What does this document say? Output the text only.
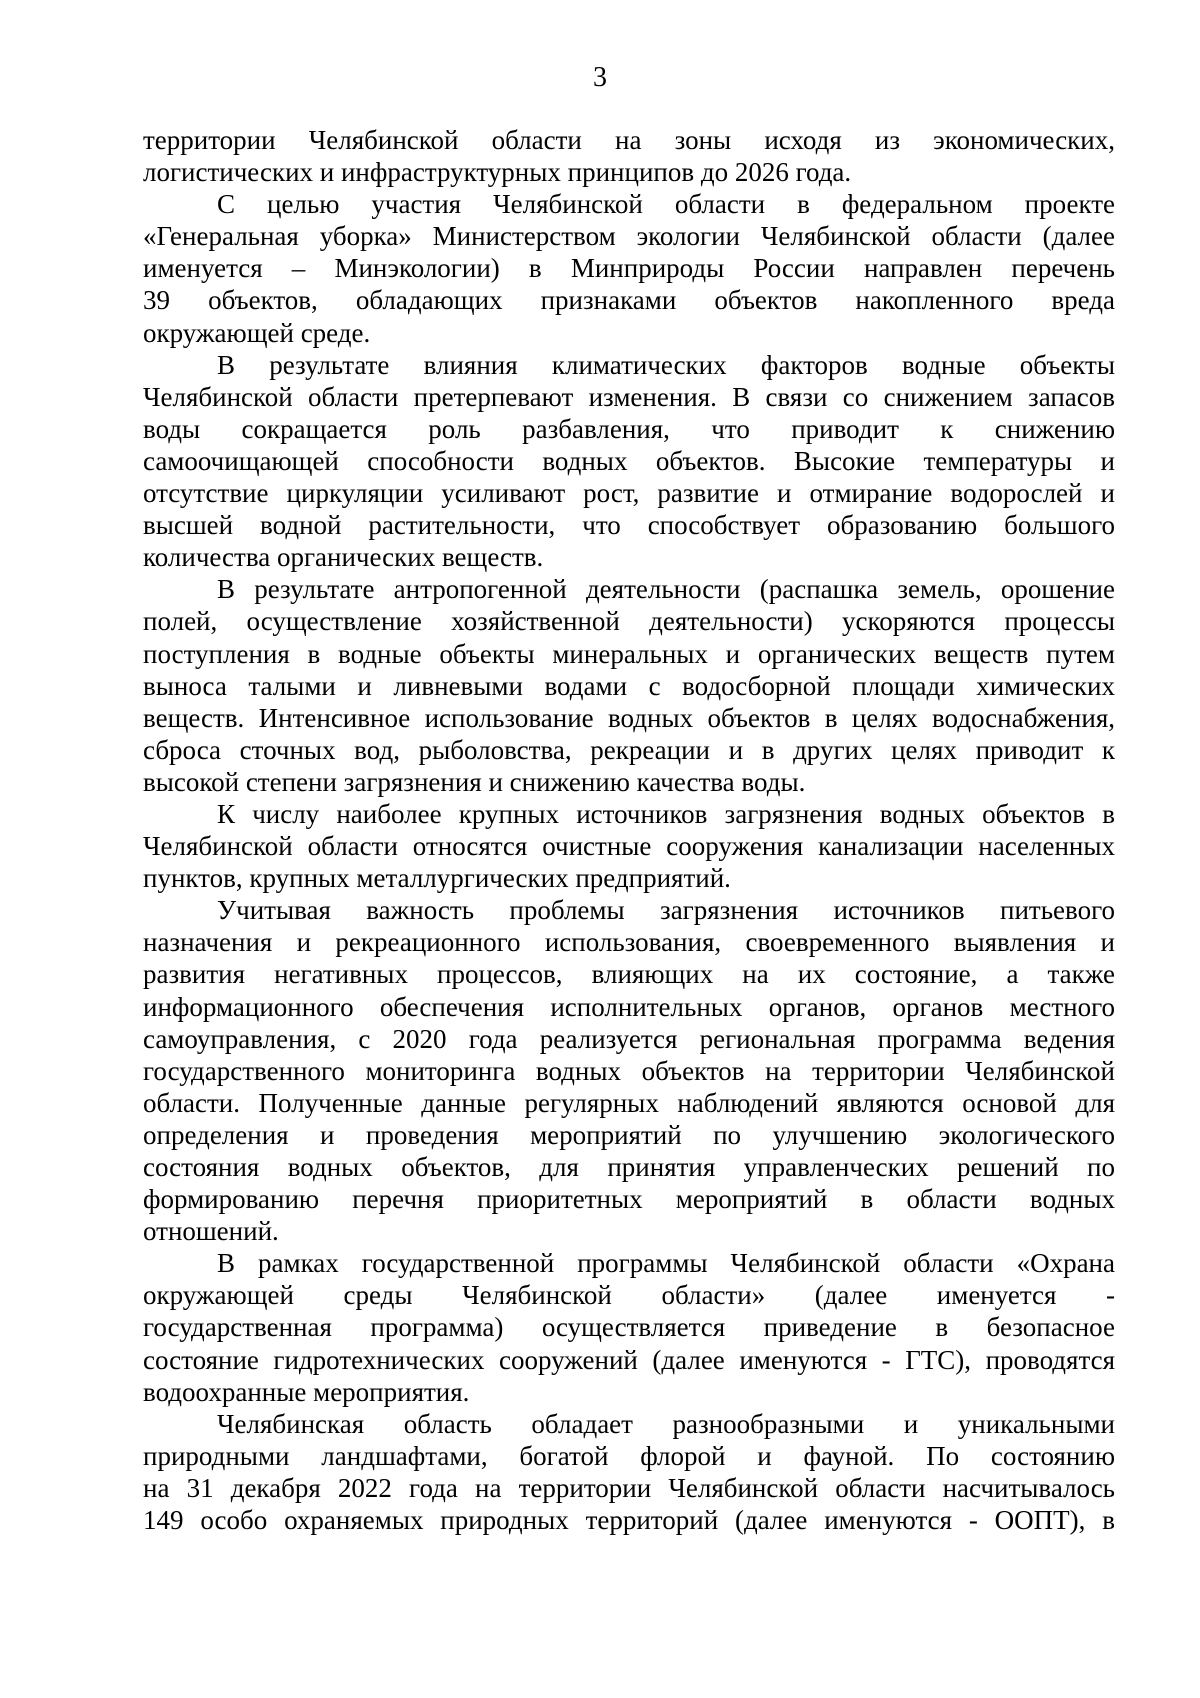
3
территории Челябинской области на зоны исходя из экономических,
логистических и инфраструктурных принципов до 2026 года.
С целью участия Челябинской области в федеральном проекте
«Генеральная уборка» Министерством экологии Челябинской области (далее
именуется – Минэкологии) в Минприроды России направлен перечень
39 объектов, обладающих признаками объектов накопленного вреда
окружающей среде.
В результате влияния климатических факторов водные объекты
Челябинской области претерпевают изменения. В связи со снижением запасов
воды сокращается роль разбавления, что приводит к снижению
самоочищающей способности водных объектов. Высокие температуры и
отсутствие циркуляции усиливают рост, развитие и отмирание водорослей и
высшей водной растительности, что способствует образованию большого
количества органических веществ.
В результате антропогенной деятельности (распашка земель, орошение
полей, осуществление хозяйственной деятельности) ускоряются процессы
поступления в водные объекты минеральных и органических веществ путем
выноса талыми и ливневыми водами с водосборной площади химических
веществ. Интенсивное использование водных объектов в целях водоснабжения,
сброса сточных вод, рыболовства, рекреации и в других целях приводит к
высокой степени загрязнения и снижению качества воды.
К числу наиболее крупных источников загрязнения водных объектов в
Челябинской области относятся очистные сооружения канализации населенных
пунктов, крупных металлургических предприятий.
Учитывая важность проблемы загрязнения источников питьевого
назначения и рекреационного использования, своевременного выявления и
развития негативных процессов, влияющих на их состояние, а также
информационного обеспечения исполнительных органов, органов местного
самоуправления, с 2020 года реализуется региональная программа ведения
государственного мониторинга водных объектов на территории Челябинской
области. Полученные данные регулярных наблюдений являются основой для
определения и проведения мероприятий по улучшению экологического
состояния водных объектов, для принятия управленческих решений по
формированию перечня приоритетных мероприятий в области водных
отношений.
В рамках государственной программы Челябинской области «Охрана
окружающей среды Челябинской области» (далее именуется -
государственная программа) осуществляется приведение в безопасное
состояние гидротехнических сооружений (далее именуются - ГТС), проводятся
водоохранные мероприятия.
Челябинская область обладает разнообразными и уникальными
природными ландшафтами, богатой флорой и фауной. По состоянию
на 31 декабря 2022 года на территории Челябинской области насчитывалось
149 особо охраняемых природных территорий (далее именуются - ООПТ), в
